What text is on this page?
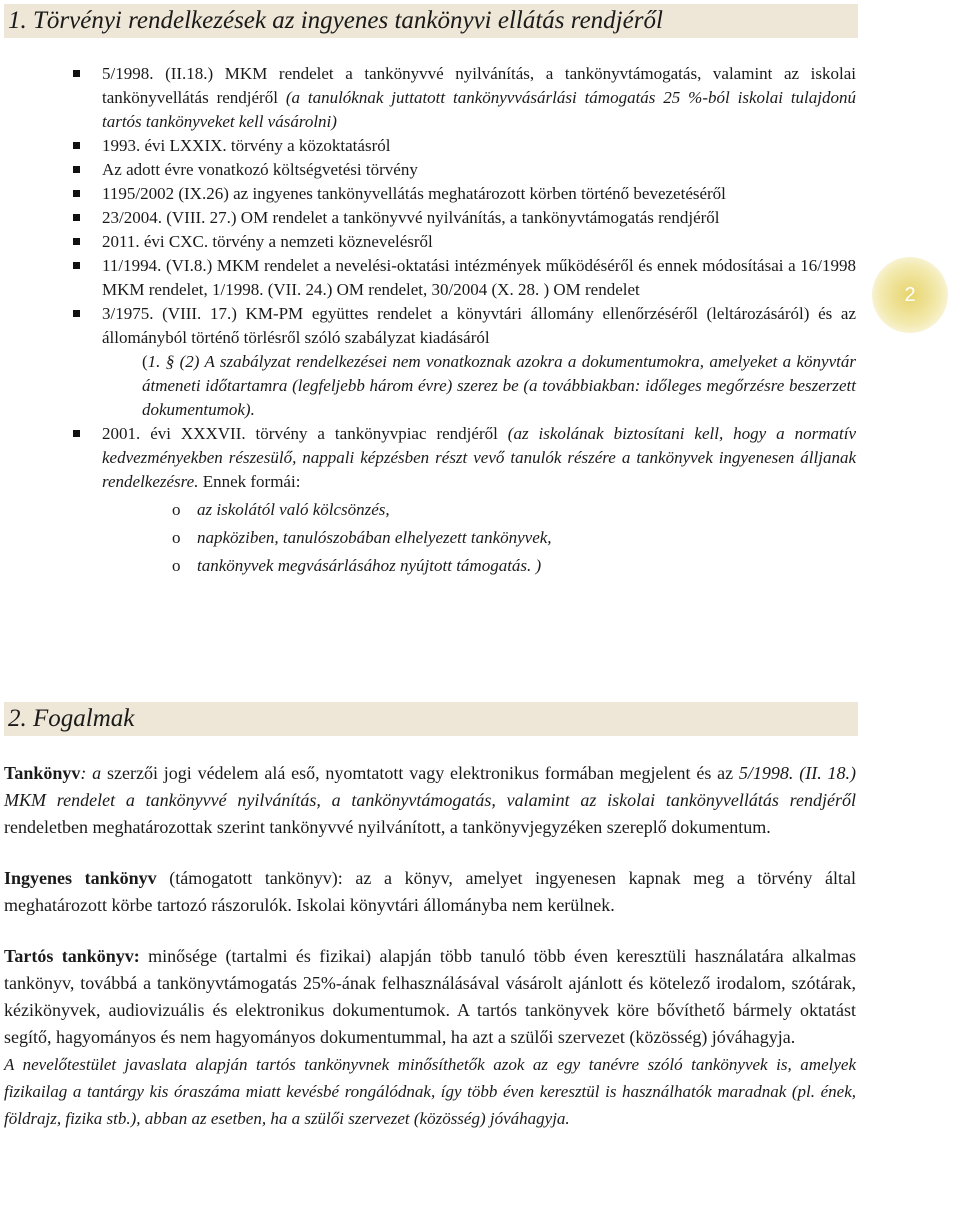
1. Törvényi rendelkezések az ingyenes tankönyvi ellátás rendjéről
5/1998. (II.18.) MKM rendelet a tankönyvvé nyilvánítás, a tankönyvtámogatás, valamint az iskolai tankönyvellátás rendjéről (a tanulóknak juttatott tankönyvvásárlási támogatás 25 %-ból iskolai tulajdonú tartós tankönyveket kell vásárolni)
1993. évi LXXIX. törvény a közoktatásról
Az adott évre vonatkozó költségvetési törvény
1195/2002 (IX.26) az ingyenes tankönyvellátás meghatározott körben történő bevezetéséről
23/2004. (VIII. 27.) OM rendelet a tankönyvvé nyilvánítás, a tankönyvtámogatás rendjéről
2011. évi CXC. törvény a nemzeti köznevelésről
11/1994. (VI.8.) MKM rendelet a nevelési-oktatási intézmények működéséről és ennek módosításai a 16/1998 MKM rendelet, 1/1998. (VII. 24.) OM rendelet, 30/2004 (X. 28. ) OM rendelet
3/1975. (VIII. 17.) KM-PM együttes rendelet a könyvtári állomány ellenőrzéséről (leltározásáról) és az állományból történő törlésről szóló szabályzat kiadásáról
(1. § (2) A szabályzat rendelkezései nem vonatkoznak azokra a dokumentumokra, amelyeket a könyvtár átmeneti időtartamra (legfeljebb három évre) szerez be (a továbbiakban: időleges megőrzésre beszerzett dokumentumok).
2001. évi XXXVII. törvény a tankönyvpiac rendjéről (az iskolának biztosítani kell, hogy a normatív kedvezményekben részesülő, nappali képzésben részt vevő tanulók részére a tankönyvek ingyenesen álljanak rendelkezésre. Ennek formái:
o az iskolától való kölcsönzés,
o napköziben, tanulószobában elhelyezett tankönyvek,
o tankönyvek megvásárlásához nyújtott támogatás. )
2
2. Fogalmak

Tankönyv: a szerzői jogi védelem alá eső, nyomtatott vagy elektronikus formában megjelent és az 5/1998. (II. 18.) MKM rendelet a tankönyvvé nyilvánítás, a tankönyvtámogatás, valamint az iskolai tankönyvellátás rendjéről rendeletben meghatározottak szerint tankönyvvé nyilvánított, a tankönyvjegyzéken szereplő dokumentum.

Ingyenes tankönyv (támogatott tankönyv): az a könyv, amelyet ingyenesen kapnak meg a törvény által meghatározott körbe tartozó rászorulók. Iskolai könyvtári állományba nem kerülnek.

Tartós tankönyv: minősége (tartalmi és fizikai) alapján több tanuló több éven keresztüli használatára alkalmas tankönyv, továbbá a tankönyvtámogatás 25%-ának felhasználásával vásárolt ajánlott és kötelező irodalom, szótárak, kézikönyvek, audiovizuális és elektronikus dokumentumok. A tartós tankönyvek köre bővíthető bármely oktatást segítő, hagyományos és nem hagyományos dokumentummal, ha azt a szülői szervezet (közösség) jóváhagyja.
A nevelőtestület javaslata alapján tartós tankönyvnek minősíthetők azok az egy tanévre szóló tankönyvek is, amelyek fizikailag a tantárgy kis óraszáma miatt kevésbé rongálódnak, így több éven keresztül is használhatók maradnak (pl. ének, földrajz, fizika stb.), abban az esetben, ha a szülői szervezet (közösség) jóváhagyja.
